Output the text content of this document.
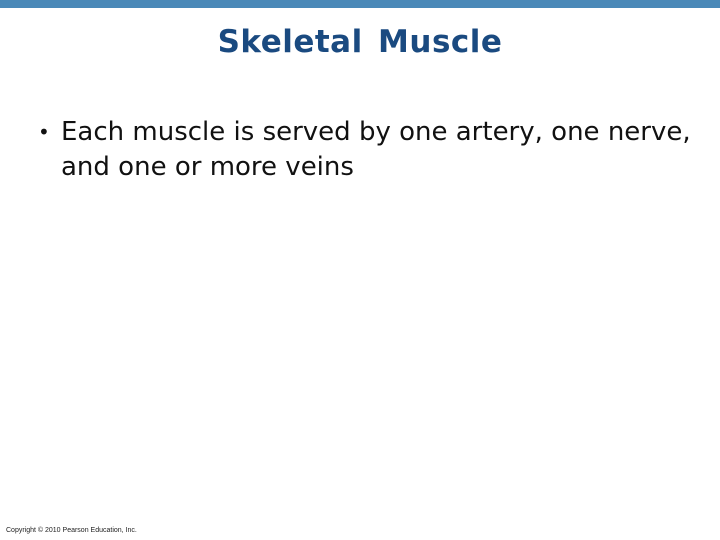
Skeletal Muscle
• Each muscle is served by one artery, one nerve, and one or more veins
Copyright © 2010 Pearson Education, Inc.
